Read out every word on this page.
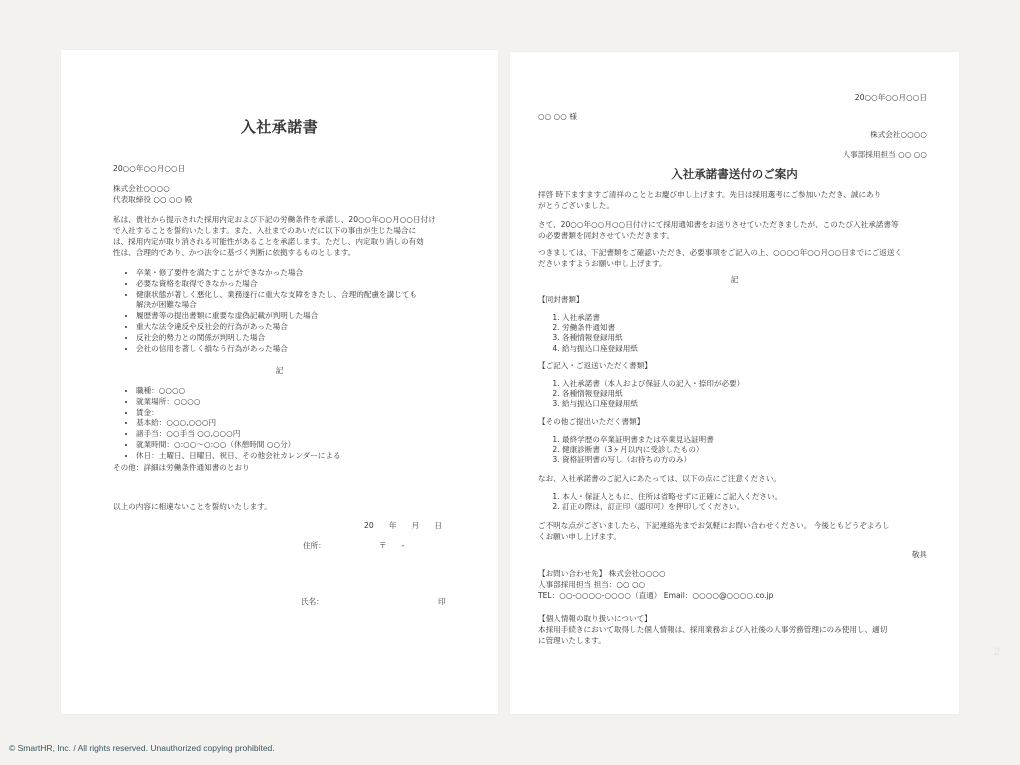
入社承諾書
20○○年○○月○○日
株式会社○○○○
代表取締役 ○○ ○○ 殿
私は、貴社から提示された採用内定および下記の労働条件を承諾し、20○○年○○月○○日付け
で入社することを誓約いたします。また、入社までのあいだに以下の事由が生じた場合に
は、採用内定が取り消される可能性があることを承諾します。ただし、内定取り消しの有効
性は、合理的であり、かつ法令に基づく判断に依拠するものとします。
• 卒業・修了要件を満たすことができなかった場合
• 必要な資格を取得できなかった場合
• 健康状態が著しく悪化し、業務遂行に重大な支障をきたし、合理的配慮を講じても
解決が困難な場合
• 履歴書等の提出書類に重要な虚偽記載が判明した場合
• 重大な法令違反や反社会的行為があった場合
• 反社会的勢力との関係が判明した場合
• 会社の信用を著しく損なう行為があった場合
記
• 職種：○○○○
• 就業場所：○○○○
• 賃金：
• 基本給：○○○,○○○円
• 諸手当：○○手当 ○○,○○○円
• 就業時間：○:○○〜○:○○（休憩時間 ○○分）
• 休日：土曜日、日曜日、祝日、その他会社カレンダーによる
その他：詳細は労働条件通知書のとおり
以上の内容に相違ないことを誓約いたします。
20　　年　　月　　日
住所：	〒　　-
氏名：	印
20○○年○○月○○日
○○ ○○ 様
株式会社○○○○
人事部採用担当 ○○ ○○
入社承諾書送付のご案内
拝啓 時下ますますご清祥のこととお慶び申し上げます。先日は採用選考にご参加いただき、誠にあり
がとうございました。
さて、20○○年○○月○○日付けにて採用通知書をお送りさせていただきましたが、このたび入社承諾書等
の必要書類を同封させていただきます。
つきましては、下記書類をご確認いただき、必要事項をご記入の上、○○○○年○○月○○日までにご返送く
ださいますようお願い申し上げます。
記
【同封書類】
1. 入社承諾書
2. 労働条件通知書
3. 各種情報登録用紙
4. 給与振込口座登録用紙
【ご記入・ご返送いただく書類】
1. 入社承諾書（本人および保証人の記入・捺印が必要）
2. 各種情報登録用紙
3. 給与振込口座登録用紙
【その他ご提出いただく書類】
1. 最終学歴の卒業証明書または卒業見込証明書
2. 健康診断書（3ヶ月以内に受診したもの）
3. 資格証明書の写し（お持ちの方のみ）
なお、入社承諾書のご記入にあたっては、以下の点にご注意ください。
1. 本人・保証人ともに、住所は省略せずに正確にご記入ください。
2. 訂正の際は、訂正印（認印可）を押印してください。
ご不明な点がございましたら、下記連絡先までお気軽にお問い合わせください。 今後ともどうぞよろし
くお願い申し上げます。
敬具
【お問い合わせ先】 株式会社○○○○
人事部採用担当 担当：○○ ○○
TEL：○○-○○○○-○○○○（直通） Email：○○○○@○○○○.co.jp
【個人情報の取り扱いについて】
本採用手続きにおいて取得した個人情報は、採用業務および入社後の人事労務管理にのみ使用し、適切
に管理いたします。
2
© SmartHR, Inc. / All rights reserved. Unauthorized copying prohibited.
